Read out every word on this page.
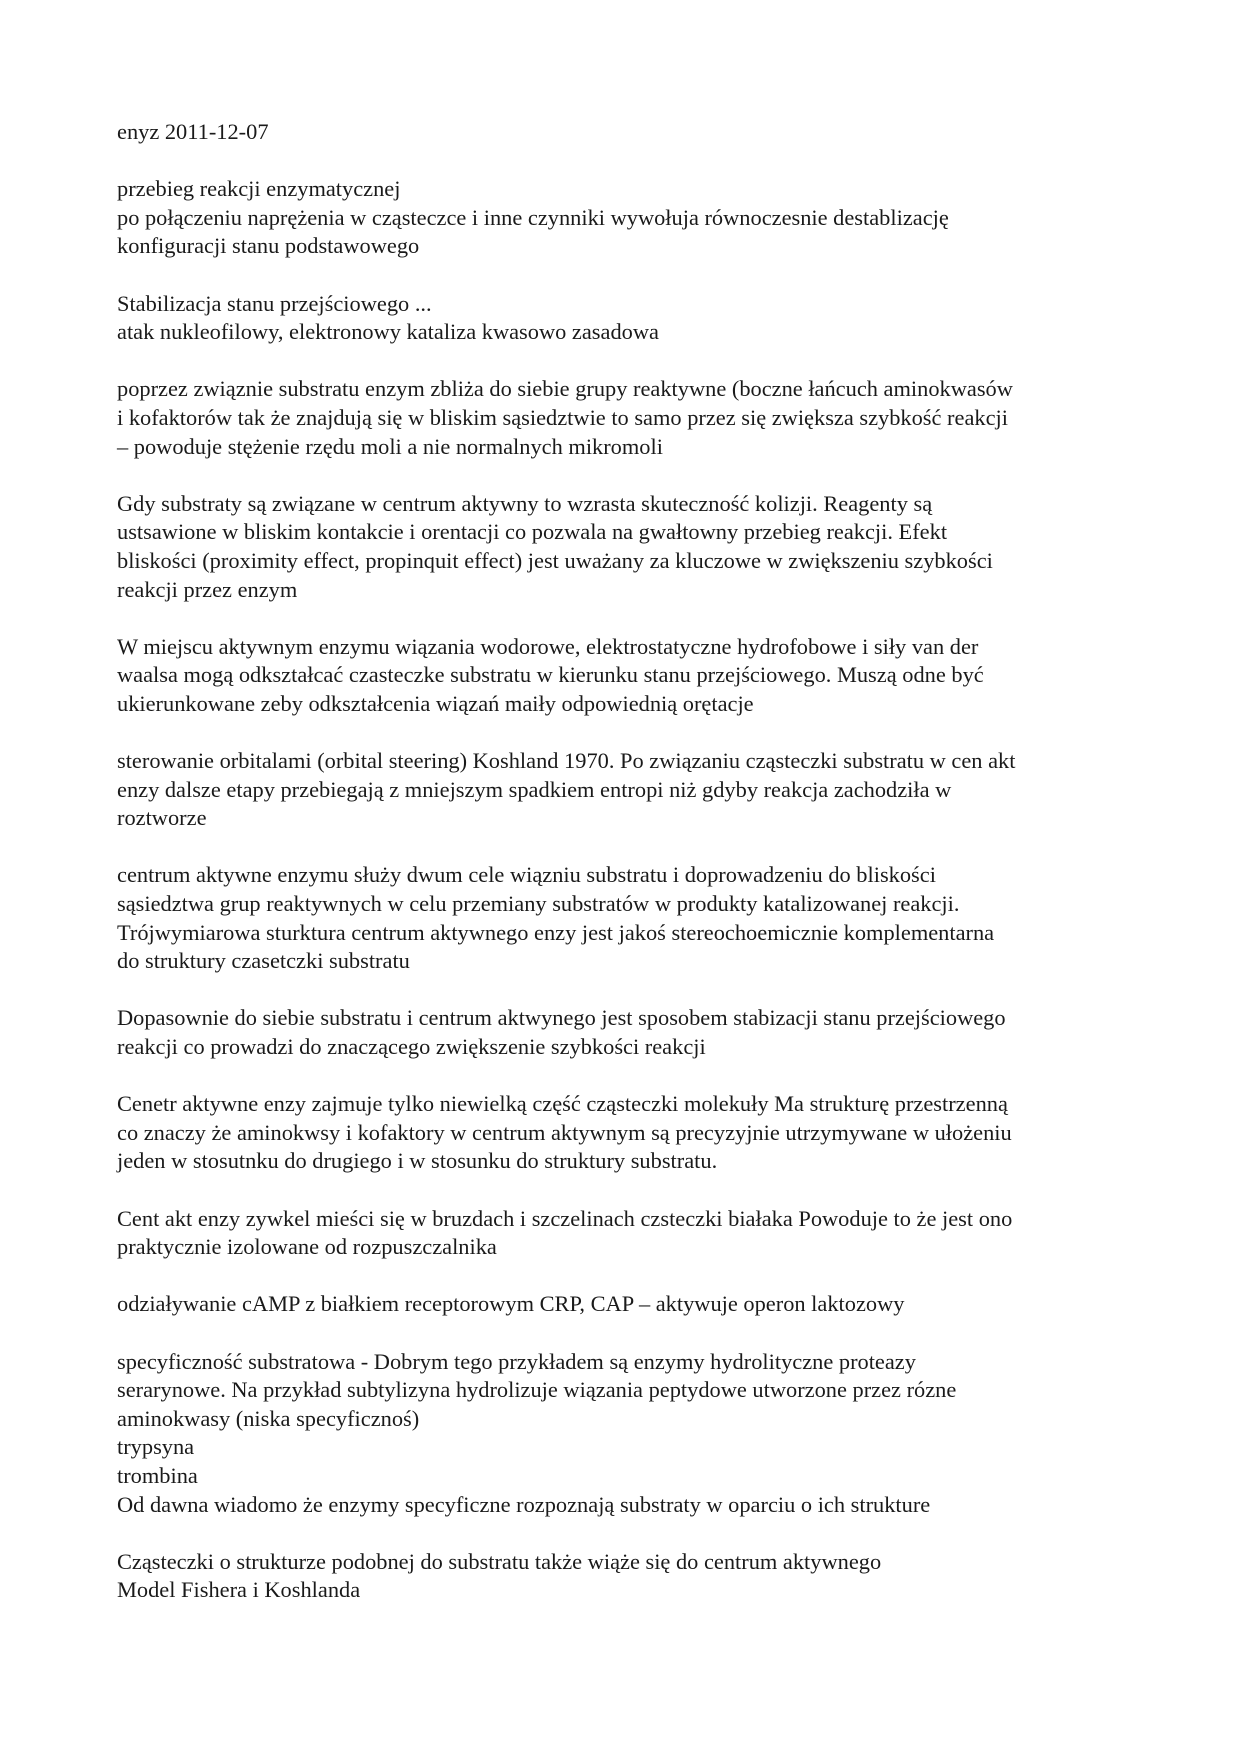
enyz 2011-12-07

przebieg reakcji enzymatycznej
po połączeniu naprężenia w cząsteczce i inne czynniki wywołuja równoczesnie destablizację
konfiguracji stanu podstawowego

Stabilizacja stanu przejściowego ...
atak nukleofilowy, elektronowy kataliza kwasowo zasadowa

poprzez związnie substratu enzym zbliża do siebie grupy reaktywne (boczne łańcuch aminokwasów
i kofaktorów tak że znajdują się w bliskim sąsiedztwie to samo przez się zwiększa szybkość reakcji
– powoduje stężenie rzędu moli a nie normalnych mikromoli

Gdy substraty są związane w centrum aktywny to wzrasta skuteczność kolizji. Reagenty są
ustsawione w bliskim kontakcie i orentacji co pozwala na gwałtowny przebieg reakcji. Efekt
bliskości (proximity effect, propinquit effect) jest uważany za kluczowe w zwiększeniu szybkości
reakcji przez enzym

W miejscu aktywnym enzymu wiązania wodorowe, elektrostatyczne hydrofobowe i siły van der
waalsa mogą odkształcać czasteczke substratu w kierunku stanu przejściowego. Muszą odne być
ukierunkowane zeby odkształcenia wiązań maiły odpowiednią orętacje

sterowanie orbitalami (orbital steering) Koshland 1970. Po związaniu cząsteczki substratu w cen akt
enzy dalsze etapy przebiegają z mniejszym spadkiem entropi niż gdyby reakcja zachodziła w
roztworze

centrum aktywne enzymu służy dwum cele wiązniu substratu i doprowadzeniu do bliskości
sąsiedztwa grup reaktywnych w celu przemiany substratów w produkty katalizowanej reakcji.
Trójwymiarowa sturktura centrum aktywnego enzy jest jakoś stereochoemicznie komplementarna
do struktury czasetczki substratu

Dopasownie do siebie substratu i centrum aktwynego jest sposobem stabizacji stanu przejściowego
reakcji co prowadzi do znaczącego zwiększenie szybkości reakcji

Cenetr aktywne enzy zajmuje tylko niewielką część cząsteczki molekuły Ma strukturę przestrzenną
co znaczy że aminokwsy i kofaktory w centrum aktywnym są precyzyjnie utrzymywane w ułożeniu
jeden w stosutnku do drugiego i w stosunku do struktury substratu.

Cent akt enzy zywkel mieści się w bruzdach i szczelinach czsteczki białaka Powoduje to że jest ono
praktycznie izolowane od rozpuszczalnika

odziaływanie cAMP z białkiem receptorowym CRP, CAP – aktywuje operon laktozowy

specyficzność substratowa - Dobrym tego przykładem są enzymy hydrolityczne proteazy
serarynowe. Na przykład subtylizyna hydrolizuje wiązania peptydowe utworzone przez rózne
aminokwasy (niska specyficznoś)
trypsyna
trombina
Od dawna wiadomo że enzymy specyficzne rozpoznają substraty w oparciu o ich strukture

Cząsteczki o strukturze podobnej do substratu także wiąże się do centrum aktywnego
Model Fishera i Koshlanda
